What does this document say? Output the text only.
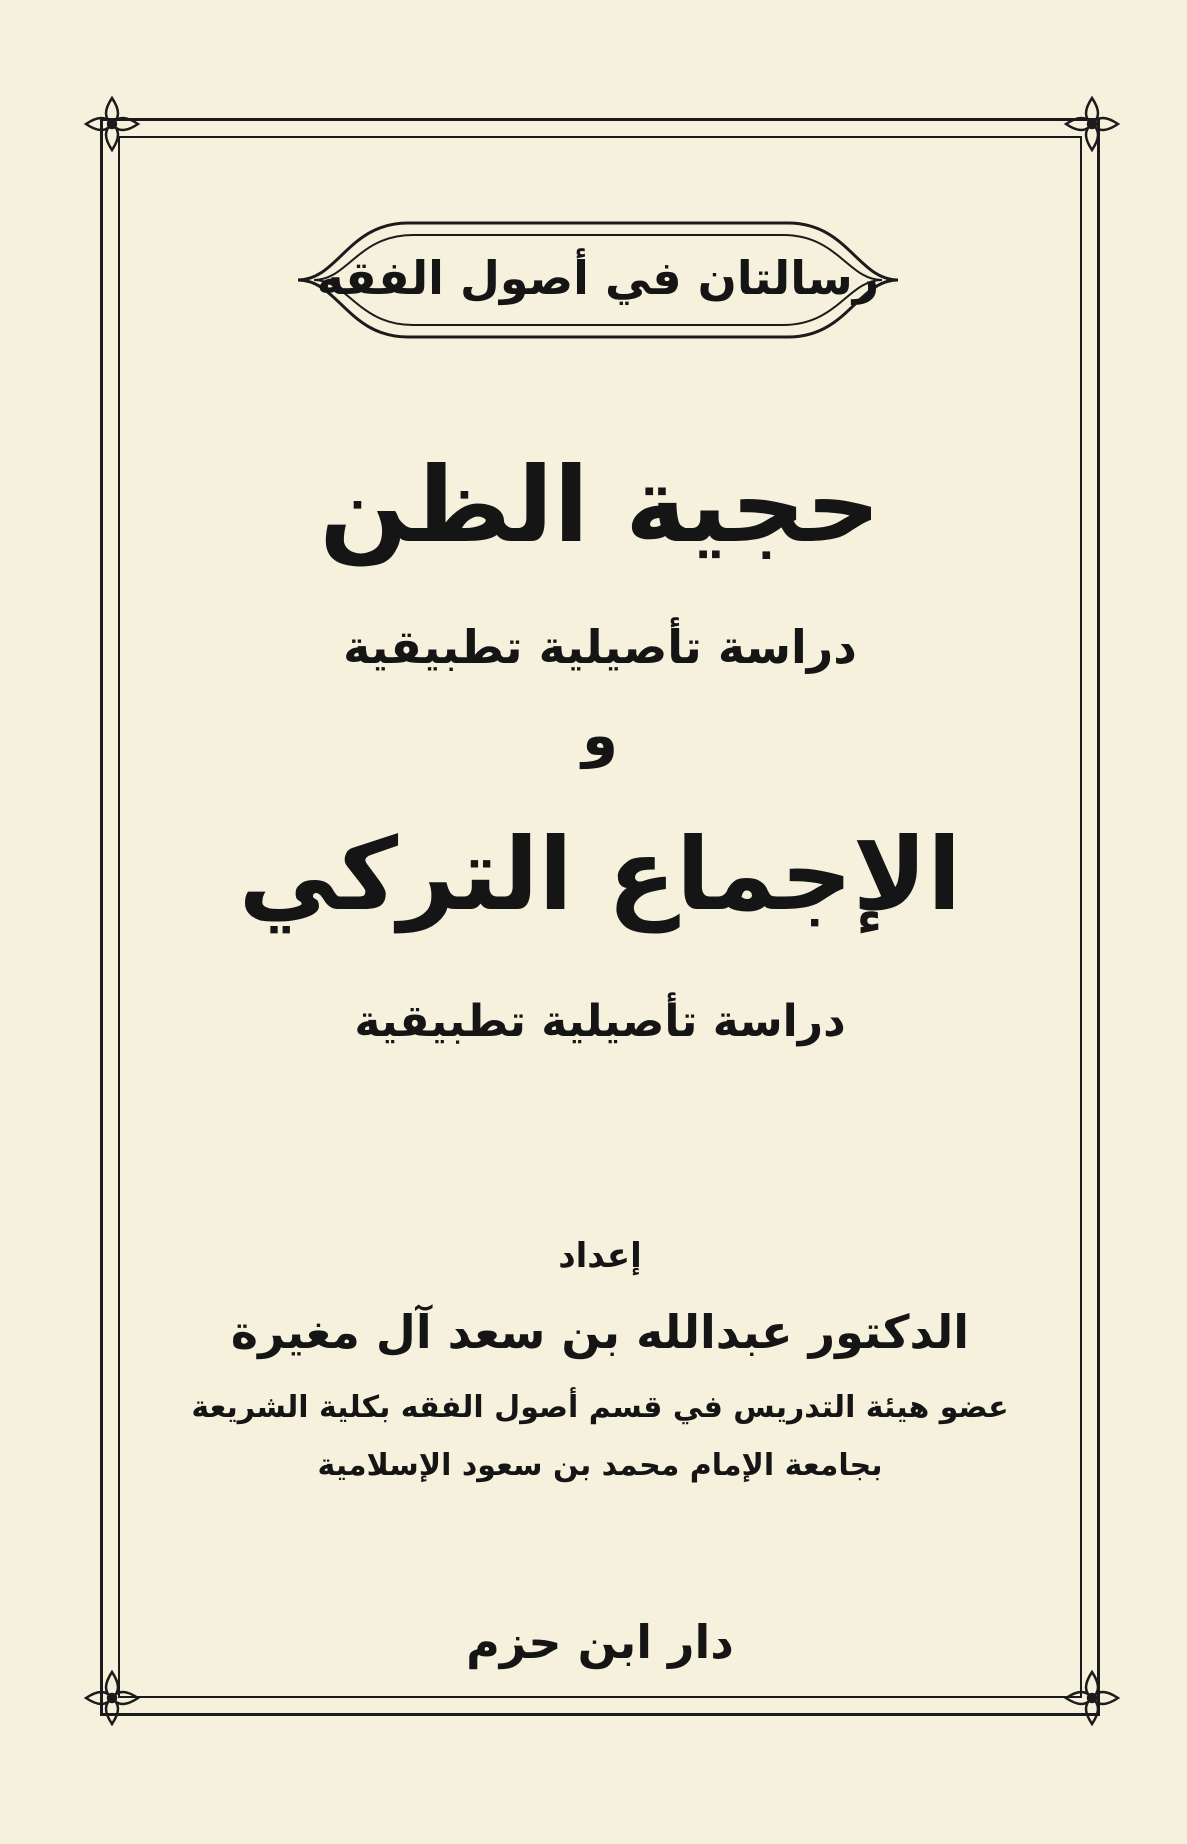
رسالتان في أصول الفقه
حجية الظن
دراسة تأصيلية تطبيقية
و
الإجماع التركي
دراسة تأصيلية تطبيقية
إعداد
الدكتور عبدالله بن سعد آل مغيرة
عضو هيئة التدريس في قسم أصول الفقه بكلية الشريعة
بجامعة الإمام محمد بن سعود الإسلامية
دار ابن حزم
